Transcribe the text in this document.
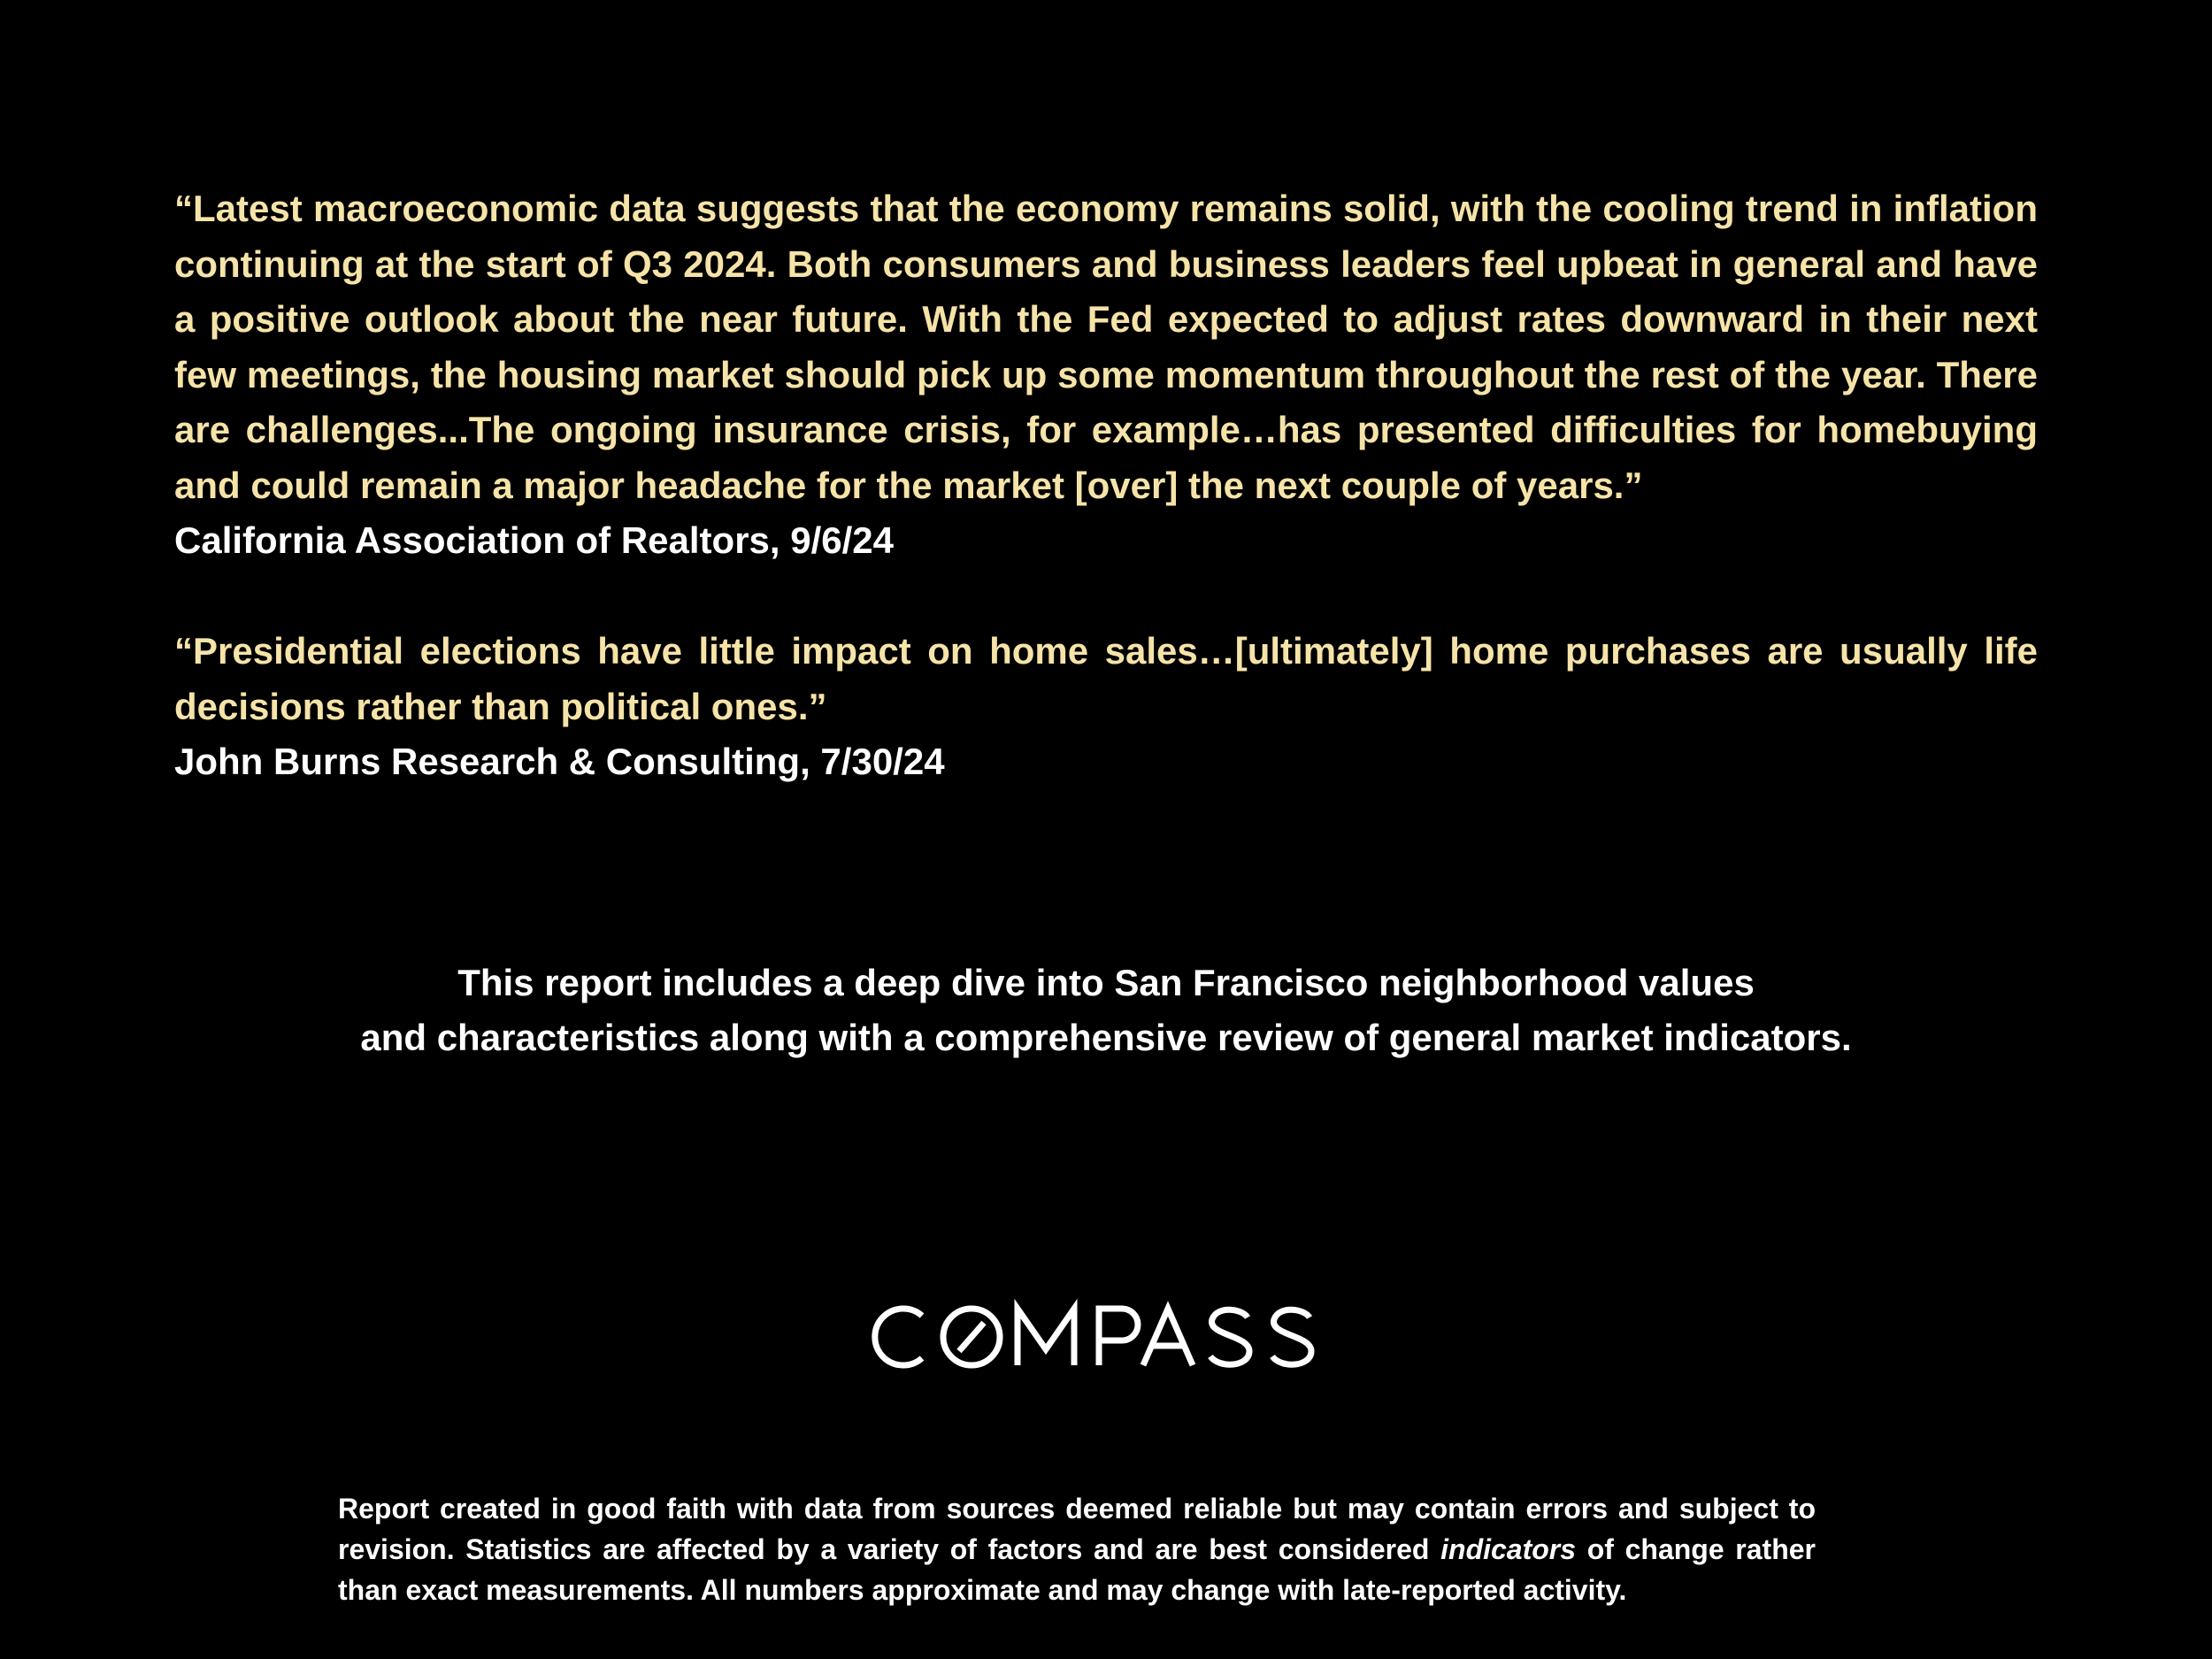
“Latest macroeconomic data suggests that the economy remains solid, with the cooling trend in inflation continuing at the start of Q3 2024. Both consumers and business leaders feel upbeat in general and have a positive outlook about the near future. With the Fed expected to adjust rates downward in their next few meetings, the housing market should pick up some momentum throughout the rest of the year. There are challenges...The ongoing insurance crisis, for example…has presented difficulties for homebuying and could remain a major headache for the market [over] the next couple of years.”

California Association of Realtors, 9/6/24

“Presidential elections have little impact on home sales…[ultimately] home purchases are usually life decisions rather than political ones.”

John Burns Research & Consulting, 7/30/24

This report includes a deep dive into San Francisco neighborhood values
and characteristics along with a comprehensive review of general market indicators.

Report created in good faith with data from sources deemed reliable but may contain errors and subject to revision. Statistics are affected by a variety of factors and are best considered indicators of change rather than exact measurements. All numbers approximate and may change with late-reported activity.
